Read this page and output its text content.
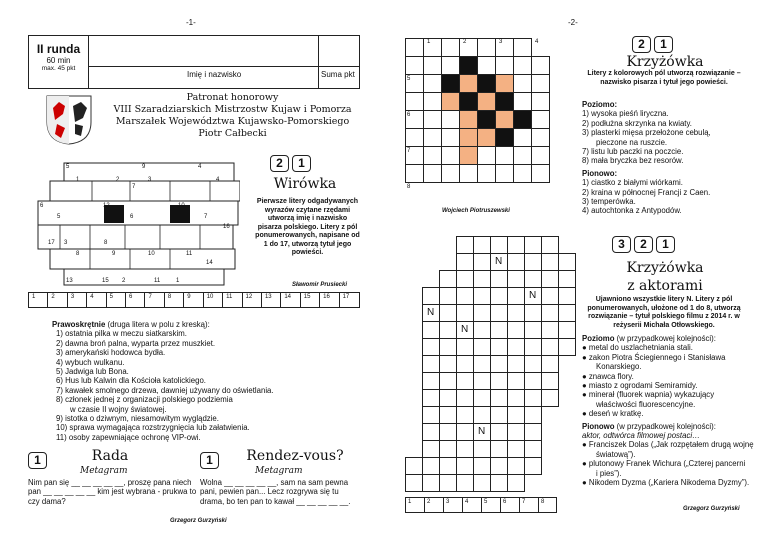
-1-	-2-
II runda
60 min
max. 45 pkt
Imię i nazwisko	Suma pkt
Patronat honorowy
VIII Szaradziarskich Mistrzostw Kujaw i Pomorza
Marszałek Województwa Kujawsko-Pomorskiego
Piotr Całbecki
5	9	4
1	2	3	4
7
6	12	10
5	6	7
16
17 3	8
8	9	10	11
14
13	15 2	11	1
2 1
Wirówka
Pierwsze litery odgadywanych wyrazów czytane rzędami utworzą imię i nazwisko pisarza polskiego. Litery z pól ponumerowanych, napisane od 1 do 17, utworzą tytuł jego powieści.
Sławomir Prusiecki
1	2	3	4	5	6	7	8	9	10 11 12 13 14 15 16 17
Prawoskrętnie (druga litera w polu z kreską):
1) ostatnia pilka w meczu siatkarskim.
2) dawna broń palna, wyparta przez muszkiet.
3) amerykański hodowca bydła.
4) wybuch wulkanu.
5) Jadwiga lub Bona.
6) Hus lub Kalwin dla Kościoła katolickiego.
7) kawałek smolnego drzewa, dawniej używany do oświetlania.
8) członek jednej z organizacji polskiego podziemia
w czasie II wojny światowej.
9) istotka o dziwnym, niesamowitym wyglądzie.
10) sprawa wymagająca rozstrzygnięcia lub załatwienia.
11) osoby zapewniające ochronę VIP-owi.
1	Rada
Metagram
Nim pan się __ __ __ __ __, proszę pana niech pan __ __ __ __ __ kim jest wybrana - prukwa to czy dama?
1	Rendez-vous?
Metagram
Wolna __ __ __ __ __, sam na sam pewna pani, pewien pan... Lecz rozgrywa się tu drama, bo ten pan to kawał __ __ __ __ __.
Grzegorz Gurzyński
1	2	3	4
5
6
7
8
Wojciech Piotruszewski
2 1
Krzyżówka
Litery z kolorowych pól utworzą rozwiązanie – nazwisko pisarza i tytuł jego powieści.
Poziomo:
1) wysoka pieśń liryczna.
2) podłużna skrzynka na kwiaty.
3) plasterki mięsa przełożone cebulą,
pieczone na ruszcie.
7) listu lub paczki na poczcie.
8) mała bryczka bez resorów.
Pionowo:
1) ciastko z białymi wiórkami.
2) kraina w północnej Francji z Caen.
3) temperówka.
4) autochtonka z Antypodów.
N
N
N
N
N
1	2	3	4	5	6	7	8
3 2 1
Krzyżówka
z aktorami
Ujawniono wszystkie litery N. Litery z pól ponumerowanych, ułożone od 1 do 8, utworzą rozwiązanie – tytuł polskiego filmu z 2014 r. w reżyserii Michała Otłowskiego.
Poziomo (w przypadkowej kolejności):
● metal do uszlachetniania stali.
● zakon Piotra Ściegiennego i Stanisława
Konarskiego.
● znawca flory.
● miasto z ogrodami Semiramidy.
● minerał (fluorek wapnia) wykazujący
właściwości fluorescencyjne.
● deseń w kratkę.
Pionowo (w przypadkowej kolejności):
aktor, odtwórca filmowej postaci…
● Franciszek Dolas („Jak rozpętałem drugą wojnę
światową”).
● plutonowy Franek Wichura („Czterej pancerni
i pies”).
● Nikodem Dyzma („Kariera Nikodema Dyzmy”).
Grzegorz Gurzyński
